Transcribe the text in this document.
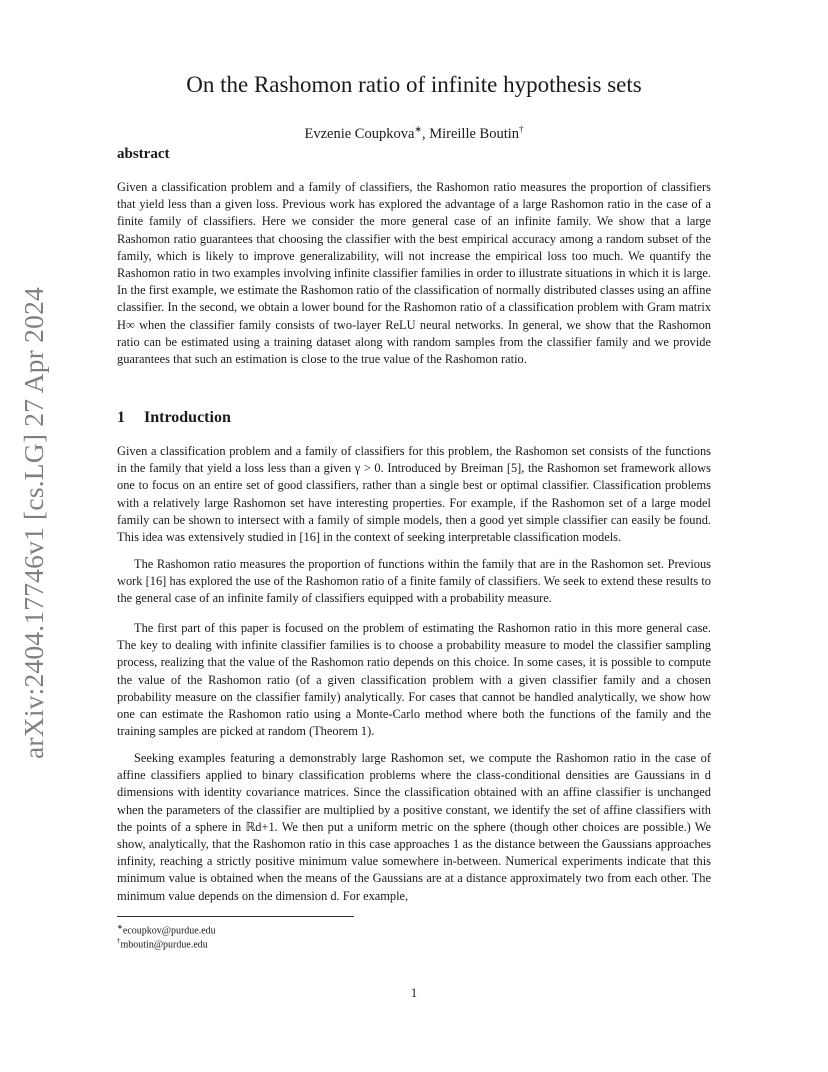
arXiv:2404.17746v1 [cs.LG] 27 Apr 2024
On the Rashomon ratio of infinite hypothesis sets
Evzenie Coupkova∗, Mireille Boutin†
abstract
Given a classification problem and a family of classifiers, the Rashomon ratio measures the proportion of classifiers that yield less than a given loss. Previous work has explored the advantage of a large Rashomon ratio in the case of a finite family of classifiers. Here we consider the more general case of an infinite family. We show that a large Rashomon ratio guarantees that choosing the classifier with the best empirical accuracy among a random subset of the family, which is likely to improve generalizability, will not increase the empirical loss too much. We quantify the Rashomon ratio in two examples involving infinite classifier families in order to illustrate situations in which it is large. In the first example, we estimate the Rashomon ratio of the classification of normally distributed classes using an affine classifier. In the second, we obtain a lower bound for the Rashomon ratio of a classification problem with Gram matrix H∞ when the classifier family consists of two-layer ReLU neural networks. In general, we show that the Rashomon ratio can be estimated using a training dataset along with random samples from the classifier family and we provide guarantees that such an estimation is close to the true value of the Rashomon ratio.
1 Introduction
Given a classification problem and a family of classifiers for this problem, the Rashomon set consists of the functions in the family that yield a loss less than a given γ > 0. Introduced by Breiman [5], the Rashomon set framework allows one to focus on an entire set of good classifiers, rather than a single best or optimal classifier. Classification problems with a relatively large Rashomon set have interesting properties. For example, if the Rashomon set of a large model family can be shown to intersect with a family of simple models, then a good yet simple classifier can easily be found. This idea was extensively studied in [16] in the context of seeking interpretable classification models.
The Rashomon ratio measures the proportion of functions within the family that are in the Rashomon set. Previous work [16] has explored the use of the Rashomon ratio of a finite family of classifiers. We seek to extend these results to the general case of an infinite family of classifiers equipped with a probability measure.
The first part of this paper is focused on the problem of estimating the Rashomon ratio in this more general case. The key to dealing with infinite classifier families is to choose a probability measure to model the classifier sampling process, realizing that the value of the Rashomon ratio depends on this choice. In some cases, it is possible to compute the value of the Rashomon ratio (of a given classification problem with a given classifier family and a chosen probability measure on the classifier family) analytically. For cases that cannot be handled analytically, we show how one can estimate the Rashomon ratio using a Monte-Carlo method where both the functions of the family and the training samples are picked at random (Theorem 1).
Seeking examples featuring a demonstrably large Rashomon set, we compute the Rashomon ratio in the case of affine classifiers applied to binary classification problems where the class-conditional densities are Gaussians in d dimensions with identity covariance matrices. Since the classification obtained with an affine classifier is unchanged when the parameters of the classifier are multiplied by a positive constant, we identify the set of affine classifiers with the points of a sphere in ℝd+1. We then put a uniform metric on the sphere (though other choices are possible.) We show, analytically, that the Rashomon ratio in this case approaches 1 as the distance between the Gaussians approaches infinity, reaching a strictly positive minimum value somewhere in-between. Numerical experiments indicate that this minimum value is obtained when the means of the Gaussians are at a distance approximately two from each other. The minimum value depends on the dimension d. For example,
∗ecoupkov@purdue.edu
†mboutin@purdue.edu
1
